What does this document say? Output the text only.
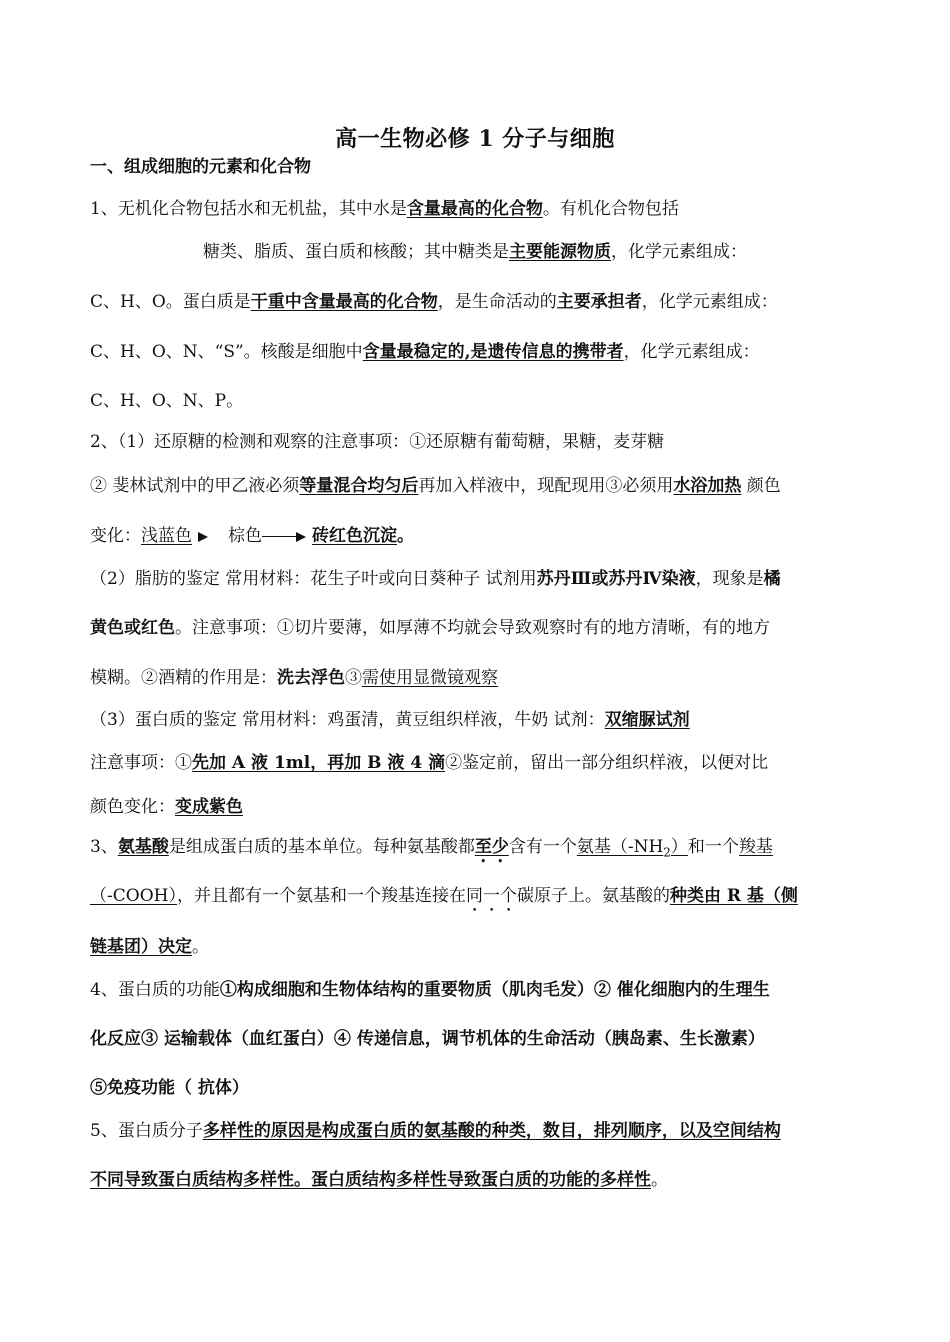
高一生物必修 1 分子与细胞
一、组成细胞的元素和化合物
1、无机化合物包括水和无机盐，其中水是含量最高的化合物。有机化合物包括
糖类、脂质、蛋白质和核酸；其中糖类是主要能源物质，化学元素组成：
C、H、O。蛋白质是干重中含量最高的化合物，是生命活动的主要承担者，化学元素组成：
C、H、O、N、“S”。核酸是细胞中含量最稳定的,是遗传信息的携带者，化学元素组成：
C、H、O、N、P。
2、（1）还原糖的检测和观察的注意事项：①还原糖有葡萄糖，果糖，麦芽糖
② 斐林试剂中的甲乙液必须等量混合均匀后再加入样液中，现配现用③必须用水浴加热 颜色
变化：浅蓝色 棕色	砖红色沉淀。
（2）脂肪的鉴定 常用材料：花生子叶或向日葵种子 试剂用苏丹Ⅲ或苏丹Ⅳ染液，现象是橘
黄色或红色。注意事项：①切片要薄，如厚薄不均就会导致观察时有的地方清晰，有的地方
模糊。②酒精的作用是：洗去浮色③需使用显微镜观察
（3）蛋白质的鉴定 常用材料：鸡蛋清，黄豆组织样液，牛奶 试剂：双缩脲试剂
注意事项：①先加 A 液 1ml，再加 B 液 4 滴②鉴定前，留出一部分组织样液，以便对比
颜色变化：变成紫色
3、氨基酸是组成蛋白质的基本单位。每种氨基酸都至少含有一个氨基$(-NH_2)$和一个羧基
（-COOH），并且都有一个氨基和一个羧基连接在同一个碳原子上。氨基酸的种类由 R 基（侧
链基团）决定。
4、蛋白质的功能①构成细胞和生物体结构的重要物质（肌肉毛发）② 催化细胞内的生理生
化反应③ 运输载体（血红蛋白）④ 传递信息，调节机体的生命活动（胰岛素、生长激素）
⑤免疫功能（ 抗体）
5、蛋白质分子多样性的原因是构成蛋白质的氨基酸的种类，数目，排列顺序，以及空间结构
不同导致蛋白质结构多样性。蛋白质结构多样性导致蛋白质的功能的多样性。
